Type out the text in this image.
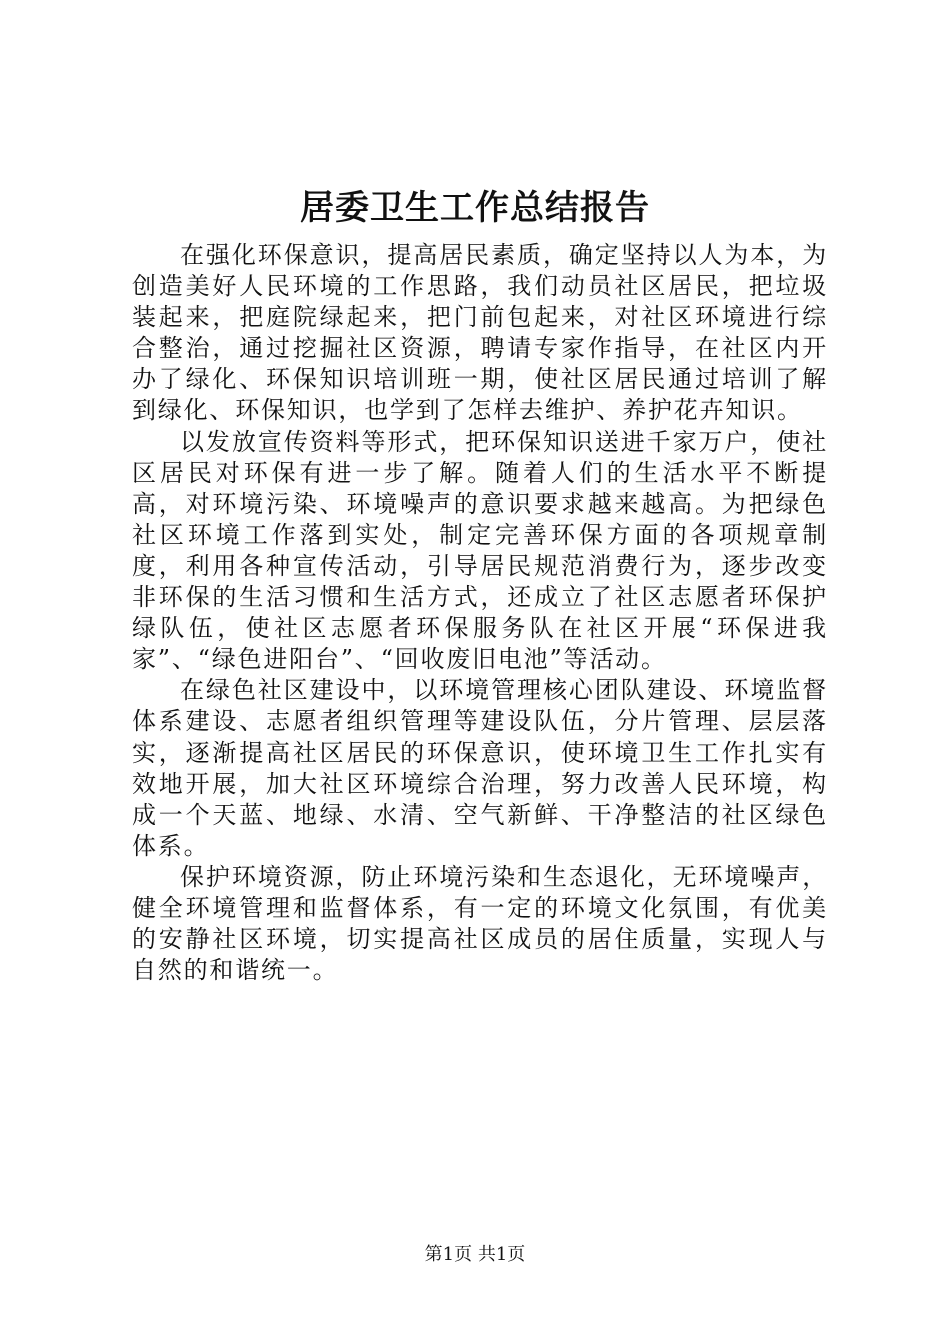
居委卫生工作总结报告

在强化环保意识，提高居民素质，确定坚持以人为本，为创造美好人民环境的工作思路，我们动员社区居民，把垃圾装起来，把庭院绿起来，把门前包起来，对社区环境进行综合整治，通过挖掘社区资源，聘请专家作指导，在社区内开办了绿化、环保知识培训班一期，使社区居民通过培训了解到绿化、环保知识，也学到了怎样去维护、养护花卉知识。

以发放宣传资料等形式，把环保知识送进千家万户，使社区居民对环保有进一步了解。随着人们的生活水平不断提高，对环境污染、环境噪声的意识要求越来越高。为把绿色社区环境工作落到实处，制定完善环保方面的各项规章制度，利用各种宣传活动，引导居民规范消费行为，逐步改变非环保的生活习惯和生活方式，还成立了社区志愿者环保护绿队伍，使社区志愿者环保服务队在社区开展“环保进我家”、“绿色进阳台”、“回收废旧电池”等活动。

在绿色社区建设中，以环境管理核心团队建设、环境监督体系建设、志愿者组织管理等建设队伍，分片管理、层层落实，逐渐提高社区居民的环保意识，使环境卫生工作扎实有效地开展，加大社区环境综合治理，努力改善人民环境，构成一个天蓝、地绿、水清、空气新鲜、干净整洁的社区绿色体系。

保护环境资源，防止环境污染和生态退化，无环境噪声，健全环境管理和监督体系，有一定的环境文化氛围，有优美的安静社区环境，切实提高社区成员的居住质量，实现人与自然的和谐统一。

第1页 共1页
